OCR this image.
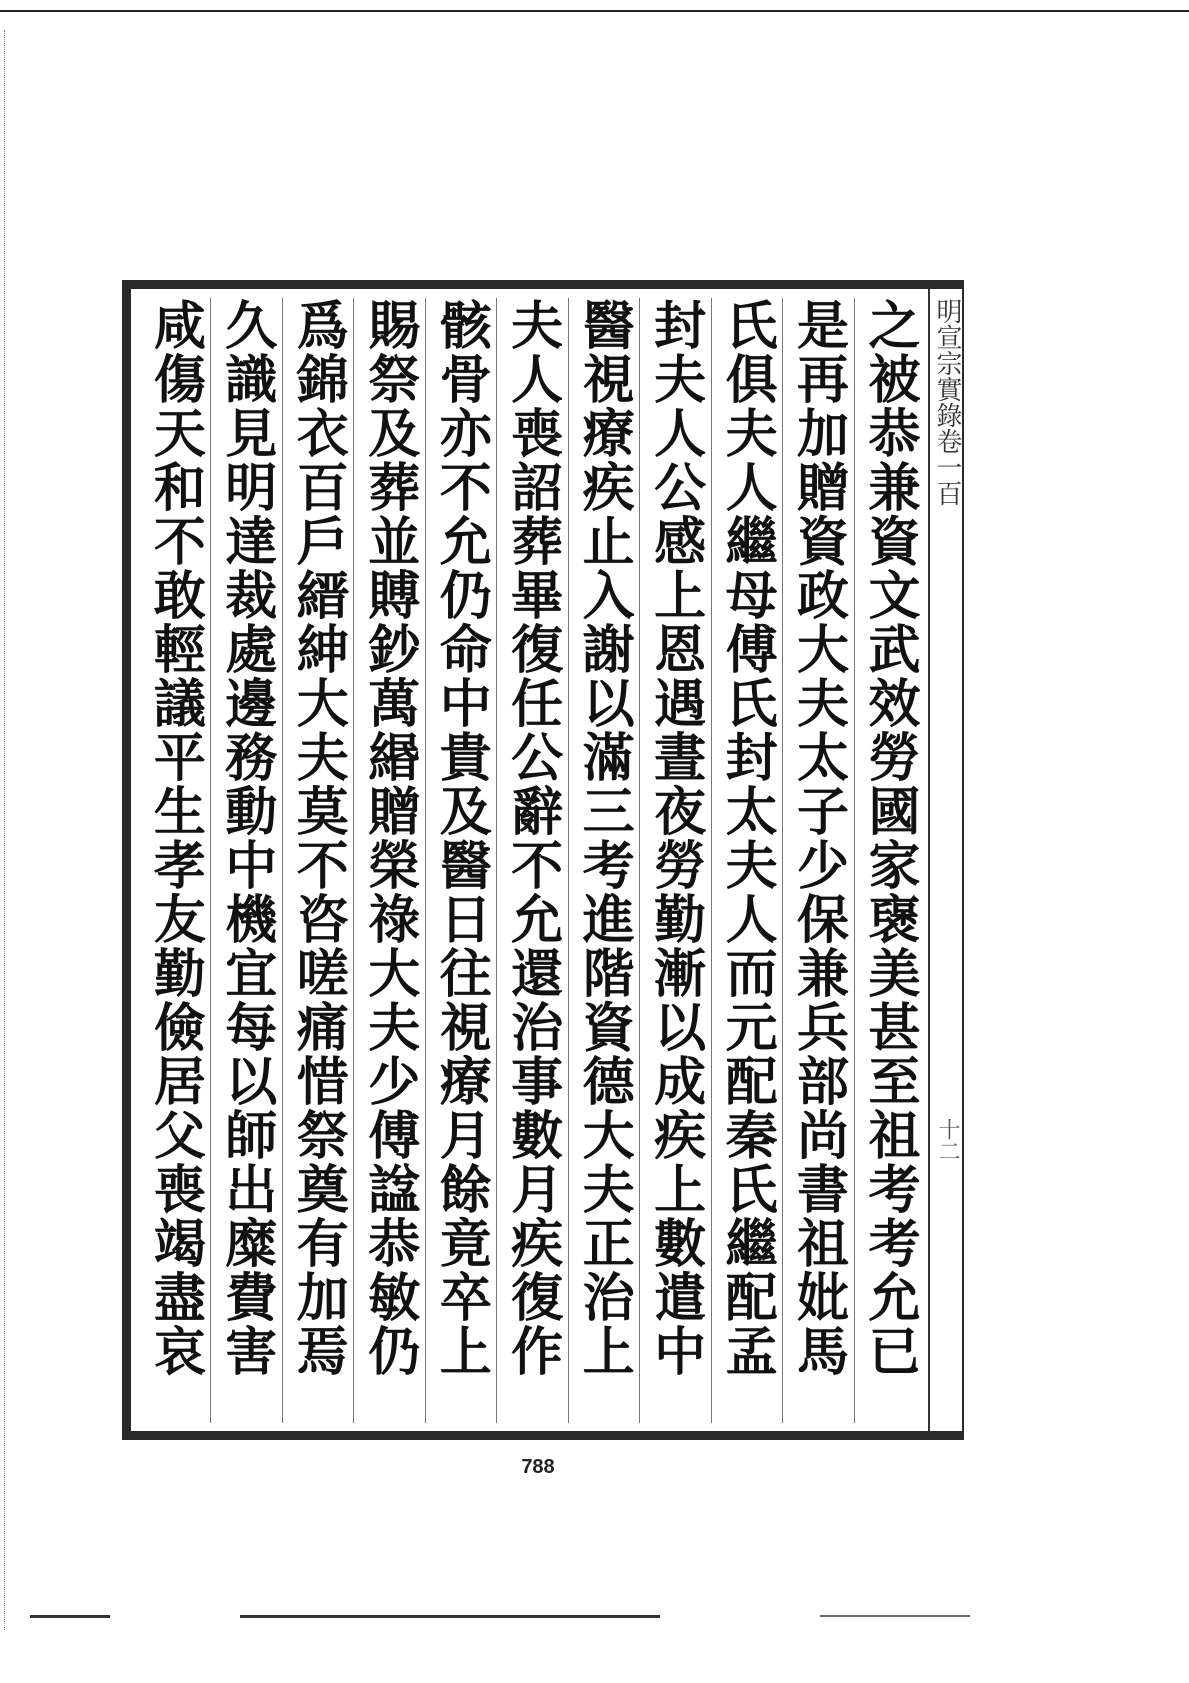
明宣宗實錄卷一百
十二
之被恭兼資文武效勞國家襃美甚至祖考考允已
是再加贈資政大夫太子少保兼兵部尚書祖妣馬
氏俱夫人繼母傅氏封太夫人而元配秦氏繼配孟
封夫人公感上恩遇晝夜勞勤漸以成疾上數遣中
醫視療疾止入謝以滿三考進階資德大夫正治上
夫人喪詔葬畢復任公辭不允還治事數月疾復作
骸骨亦不允仍命中貴及醫日往視療月餘竟卒上
賜祭及葬並賻鈔萬緡贈榮祿大夫少傅諡恭敏仍
爲錦衣百戶縉紳大夫莫不咨嗟痛惜祭奠有加焉
久識見明達裁處邊務動中機宜每以師出糜費害
咸傷天和不敢輕議平生孝友勤儉居父喪竭盡哀
788
